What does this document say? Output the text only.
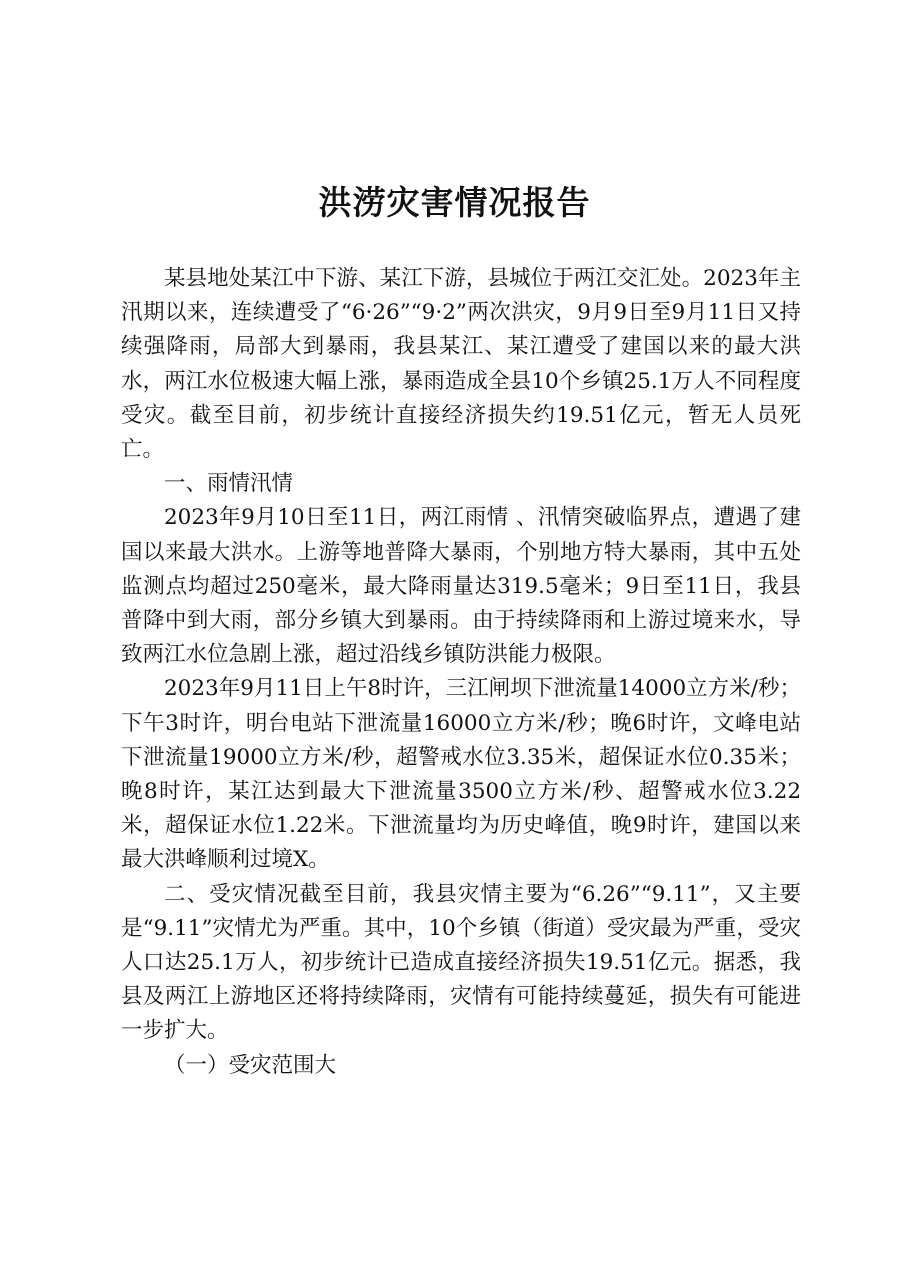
洪涝灾害情况报告

某县地处某江中下游、某江下游，县城位于两江交汇处。2023年主汛期以来，连续遭受了“6·26”“9·2”两次洪灾，9月9日至9月11日又持续强降雨，局部大到暴雨，我县某江、某江遭受了建国以来的最大洪水，两江水位极速大幅上涨，暴雨造成全县10个乡镇25.1万人不同程度受灾。截至目前，初步统计直接经济损失约19.51亿元，暂无人员死亡。

一、雨情汛情

2023年9月10日至11日，两江雨情 、汛情突破临界点，遭遇了建国以来最大洪水。上游等地普降大暴雨，个别地方特大暴雨，其中五处监测点均超过250毫米，最大降雨量达319.5毫米；9日至11日，我县普降中到大雨，部分乡镇大到暴雨。由于持续降雨和上游过境来水，导致两江水位急剧上涨，超过沿线乡镇防洪能力极限。

2023年9月11日上午8时许，三江闸坝下泄流量14000立方米/秒；下午3时许，明台电站下泄流量16000立方米/秒；晚6时许，文峰电站下泄流量19000立方米/秒，超警戒水位3.35米，超保证水位0.35米；晚8时许，某江达到最大下泄流量3500立方米/秒、超警戒水位3.22米，超保证水位1.22米。下泄流量均为历史峰值，晚9时许，建国以来最大洪峰顺利过境X。

二、受灾情况截至目前，我县灾情主要为“6.26”“9.11”，又主要是“9.11”灾情尤为严重。其中，10个乡镇（街道）受灾最为严重，受灾人口达25.1万人，初步统计已造成直接经济损失19.51亿元。据悉，我县及两江上游地区还将持续降雨，灾情有可能持续蔓延，损失有可能进一步扩大。

（一）受灾范围大
